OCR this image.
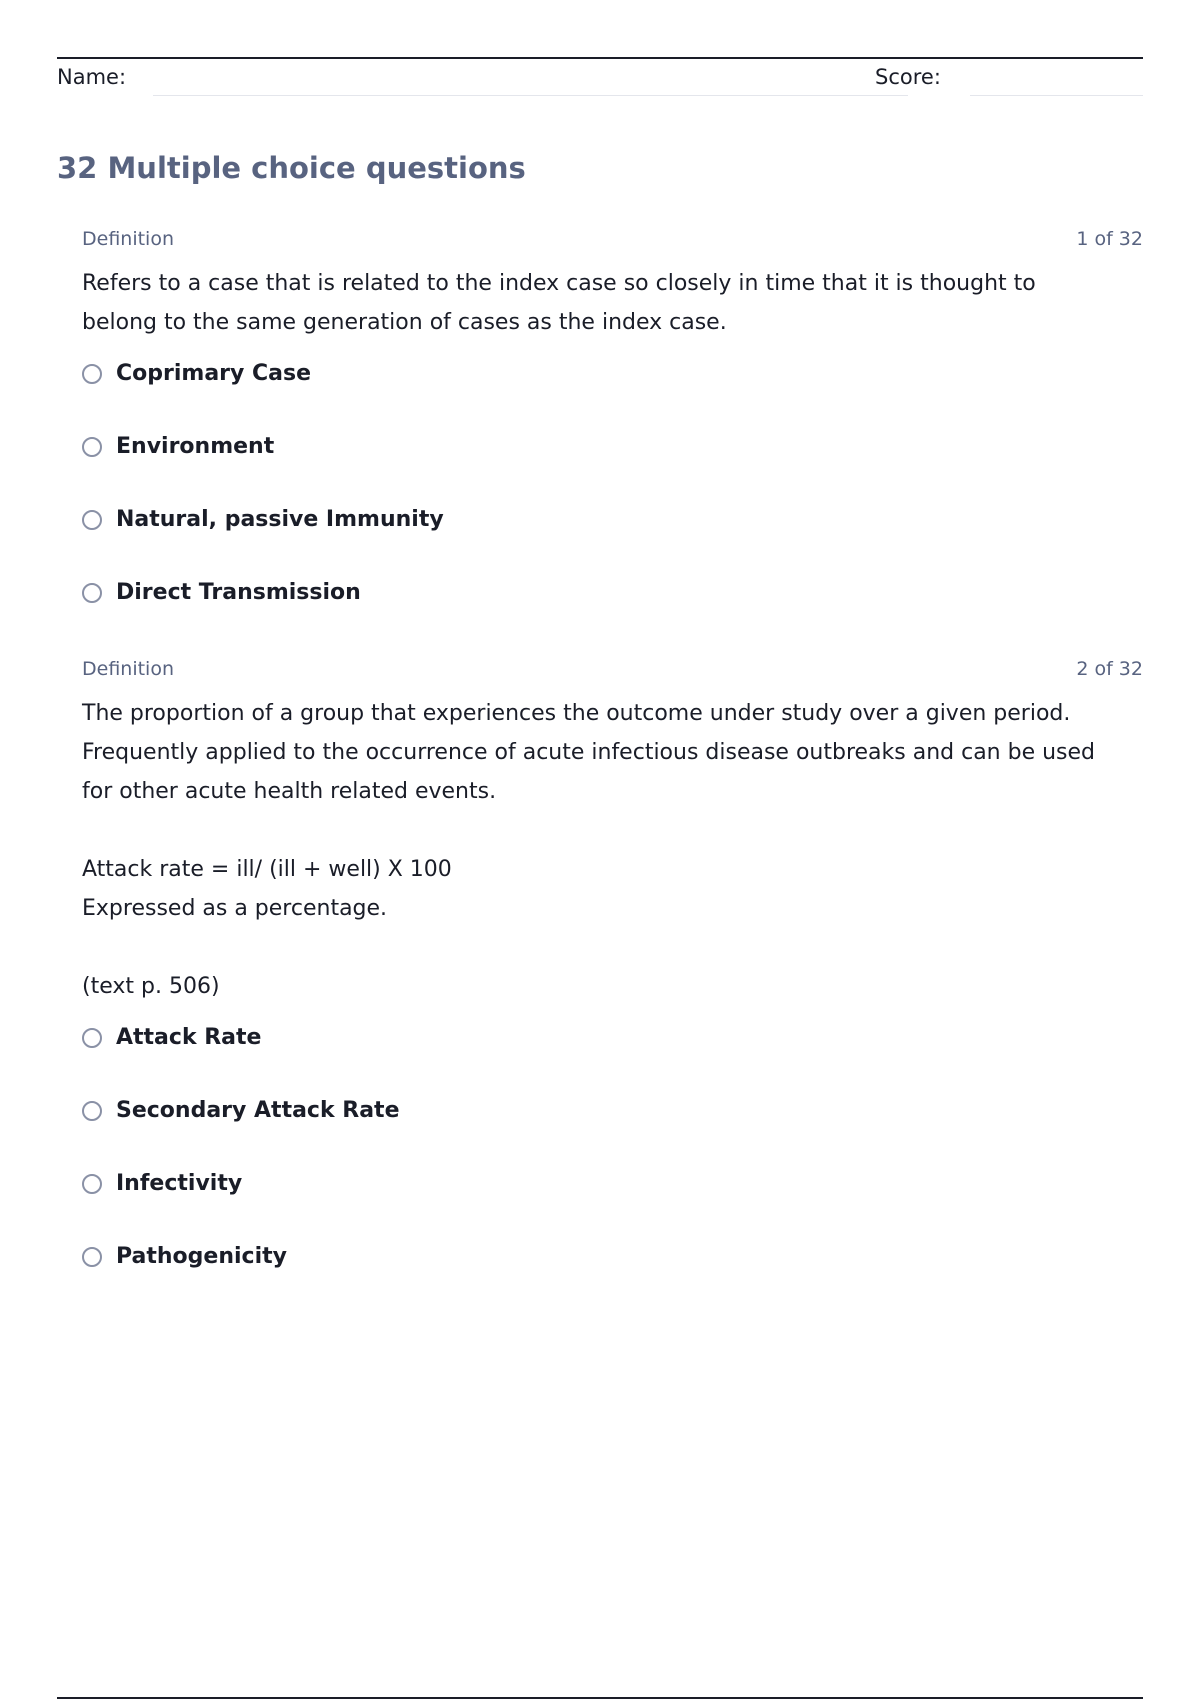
Name:	Score:
32 Multiple choice questions
Definition	1 of 32

Refers to a case that is related to the index case so closely in time that it is thought to belong to the same generation of cases as the index case.

Coprimary Case
Environment
Natural, passive Immunity
Direct Transmission
Definition	2 of 32

The proportion of a group that experiences the outcome under study over a given period. Frequently applied to the occurrence of acute infectious disease outbreaks and can be used for other acute health related events.

Attack rate = ill/ (ill + well) X 100

Expressed as a percentage.

(text p. 506)

Attack Rate
Secondary Attack Rate
Infectivity
Pathogenicity
